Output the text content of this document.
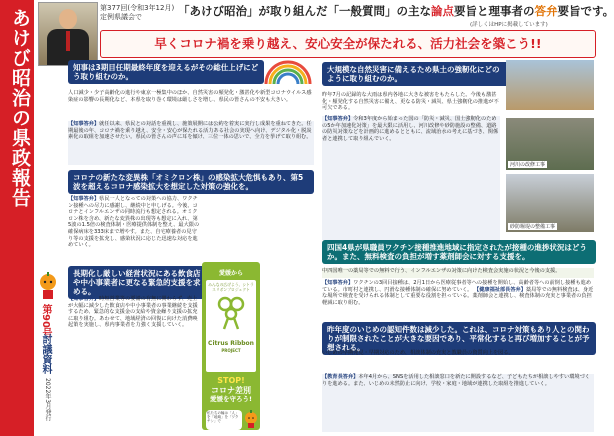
あけび昭治の県政報告
第90号
討議資料
2022年3月発行
第377回(令和3年12月)
定例県議会で	「あけび昭治」が取り組んだ「一般質問」の主な論点要旨と理事者の答弁要旨です。
(詳しくはHPに掲載しています)
早くコロナ禍を乗り越え、安心安全が保たれる、活力社会を築こう!!
知事は3期目任期最終年度を迎えるがその総仕上げにどう取り組むのか。
人口減少・少子高齢化の進行や東京一極集中のほか、自然災害の頻発化・激甚化や新型コロナウイルス感染症の影響の長期化など、本県を取り巻く環境は厳しさを増し、県民の皆さんの不安も大きい。
【知事答弁】就任以来、県民との対話を重視し、施策展開には公約を着実に実行し成果を重ねてきた。任期最後の年、コロナ禍を乗り越え、安全・安心が保たれる活力ある社会の実現へ向け、デジタル化・脱炭素化の取組を加速させたい。県民の皆さんの声に耳を傾け、三位一体の思いで、全力を挙げて取り組む。
コロナの新たな変異株「オミクロン株」の感染拡大危惧もあり、第5波を超えるコロナ感染拡大を想定した対策の強化を。
【知事答弁】県民一人となっての対策への協力、ワクチン接種への尽力に感謝し、継続中と申しげる。今後、コロナとインフルエンザの同時流行も想定される。オミクロン株を含め、新たな変異株の出現等も想定に入れ、第5波の1.5倍の検査体制・医療提供体制を整え、最大限の確保病床を333床まで増やす。また、自宅療養者の見守り等の支援を拡充し、感染状況に応じた迅速な対応を進めていく。
長期化し厳しい経営状況にある飲食店や中小事業者に更なる緊急的支援を求める。
【知事答弁】時短営業等の要請の有無に関わらず、売上が大幅に減少した飲食店や中小事業者の事業継続を支援するため、緊急的な支援金の支給や資金繰り支援の拡充に取り組む。あわせて、地域経済の回復に向けた消費喚起策を実施し、県内事業者を力強く支援していく。
愛媛から
みんなの広げよう、シトラスリボンプロジェクト
Citrus Ribbon
PROJECT
STOP!
コロナ差別
愛媛を守ろう!
私たちの輪は「人」を「地域」を「ワクチン」で
大規模な自然災害に備えるため県土の強靭化にどのように取り組むのか。
昨年7月の記録的な大雨は県内各地に大きな被害をもたらした。今後も激甚化・頻発化する自然災害に備え、更なる防災・減災、県土強靭化の推進が不可欠である。
【知事答弁】令和3年度から始まった国の「防災・減災、国土強靭化のための5か年加速化対策」を最大限に活用し、河川改修や砂防施設の整備、道路の防災対策などを計画的に進めるとともに、流域治水の考えに基づき、関係者と連携して取り組んでいく。
河川の改修工事
砂防堰堤の整備工事
四国4県が県職員ワクチン接種推進地域に指定されたが接種の進捗状況はどうか。また、無料検査の負担が増す薬剤師会に対する支援を。
中四国唯一の薬局等での無料で行う、インフルエンザの対策に向けた検査会実施の状況と今後の支援。
【知事答弁】ワクチンの3回目接種は、2月1日から医療従事者等への接種を開始し、高齢者等への前倒し接種も進めている。市町村と連携し、円滑な接種体制の確保に努めていく。 【健康福祉部長答弁】薬局等での無料検査は、身近な場所で検査を受けられる体制として重要な役割を担っている。薬剤師会と連携し、検査体制の充実と事業者の負担軽減に取り組む。
昨年度のいじめの認知件数は減少した。これは、コロナ対策もあり人との関わりが制限されたことが大きな要因であり、平常化すると再び増加することが予想される。
いじめの早期発見・早期対応のため、相談体制の充実と教職員の資質向上を図る。
【教育長答弁】本年4月から、SNSを活用した相談窓口を新たに開設するなど、子どもたちが相談しやすい環境づくりを進める。また、いじめの未然防止に向け、学校・家庭・地域が連携した取組を推進していく。
